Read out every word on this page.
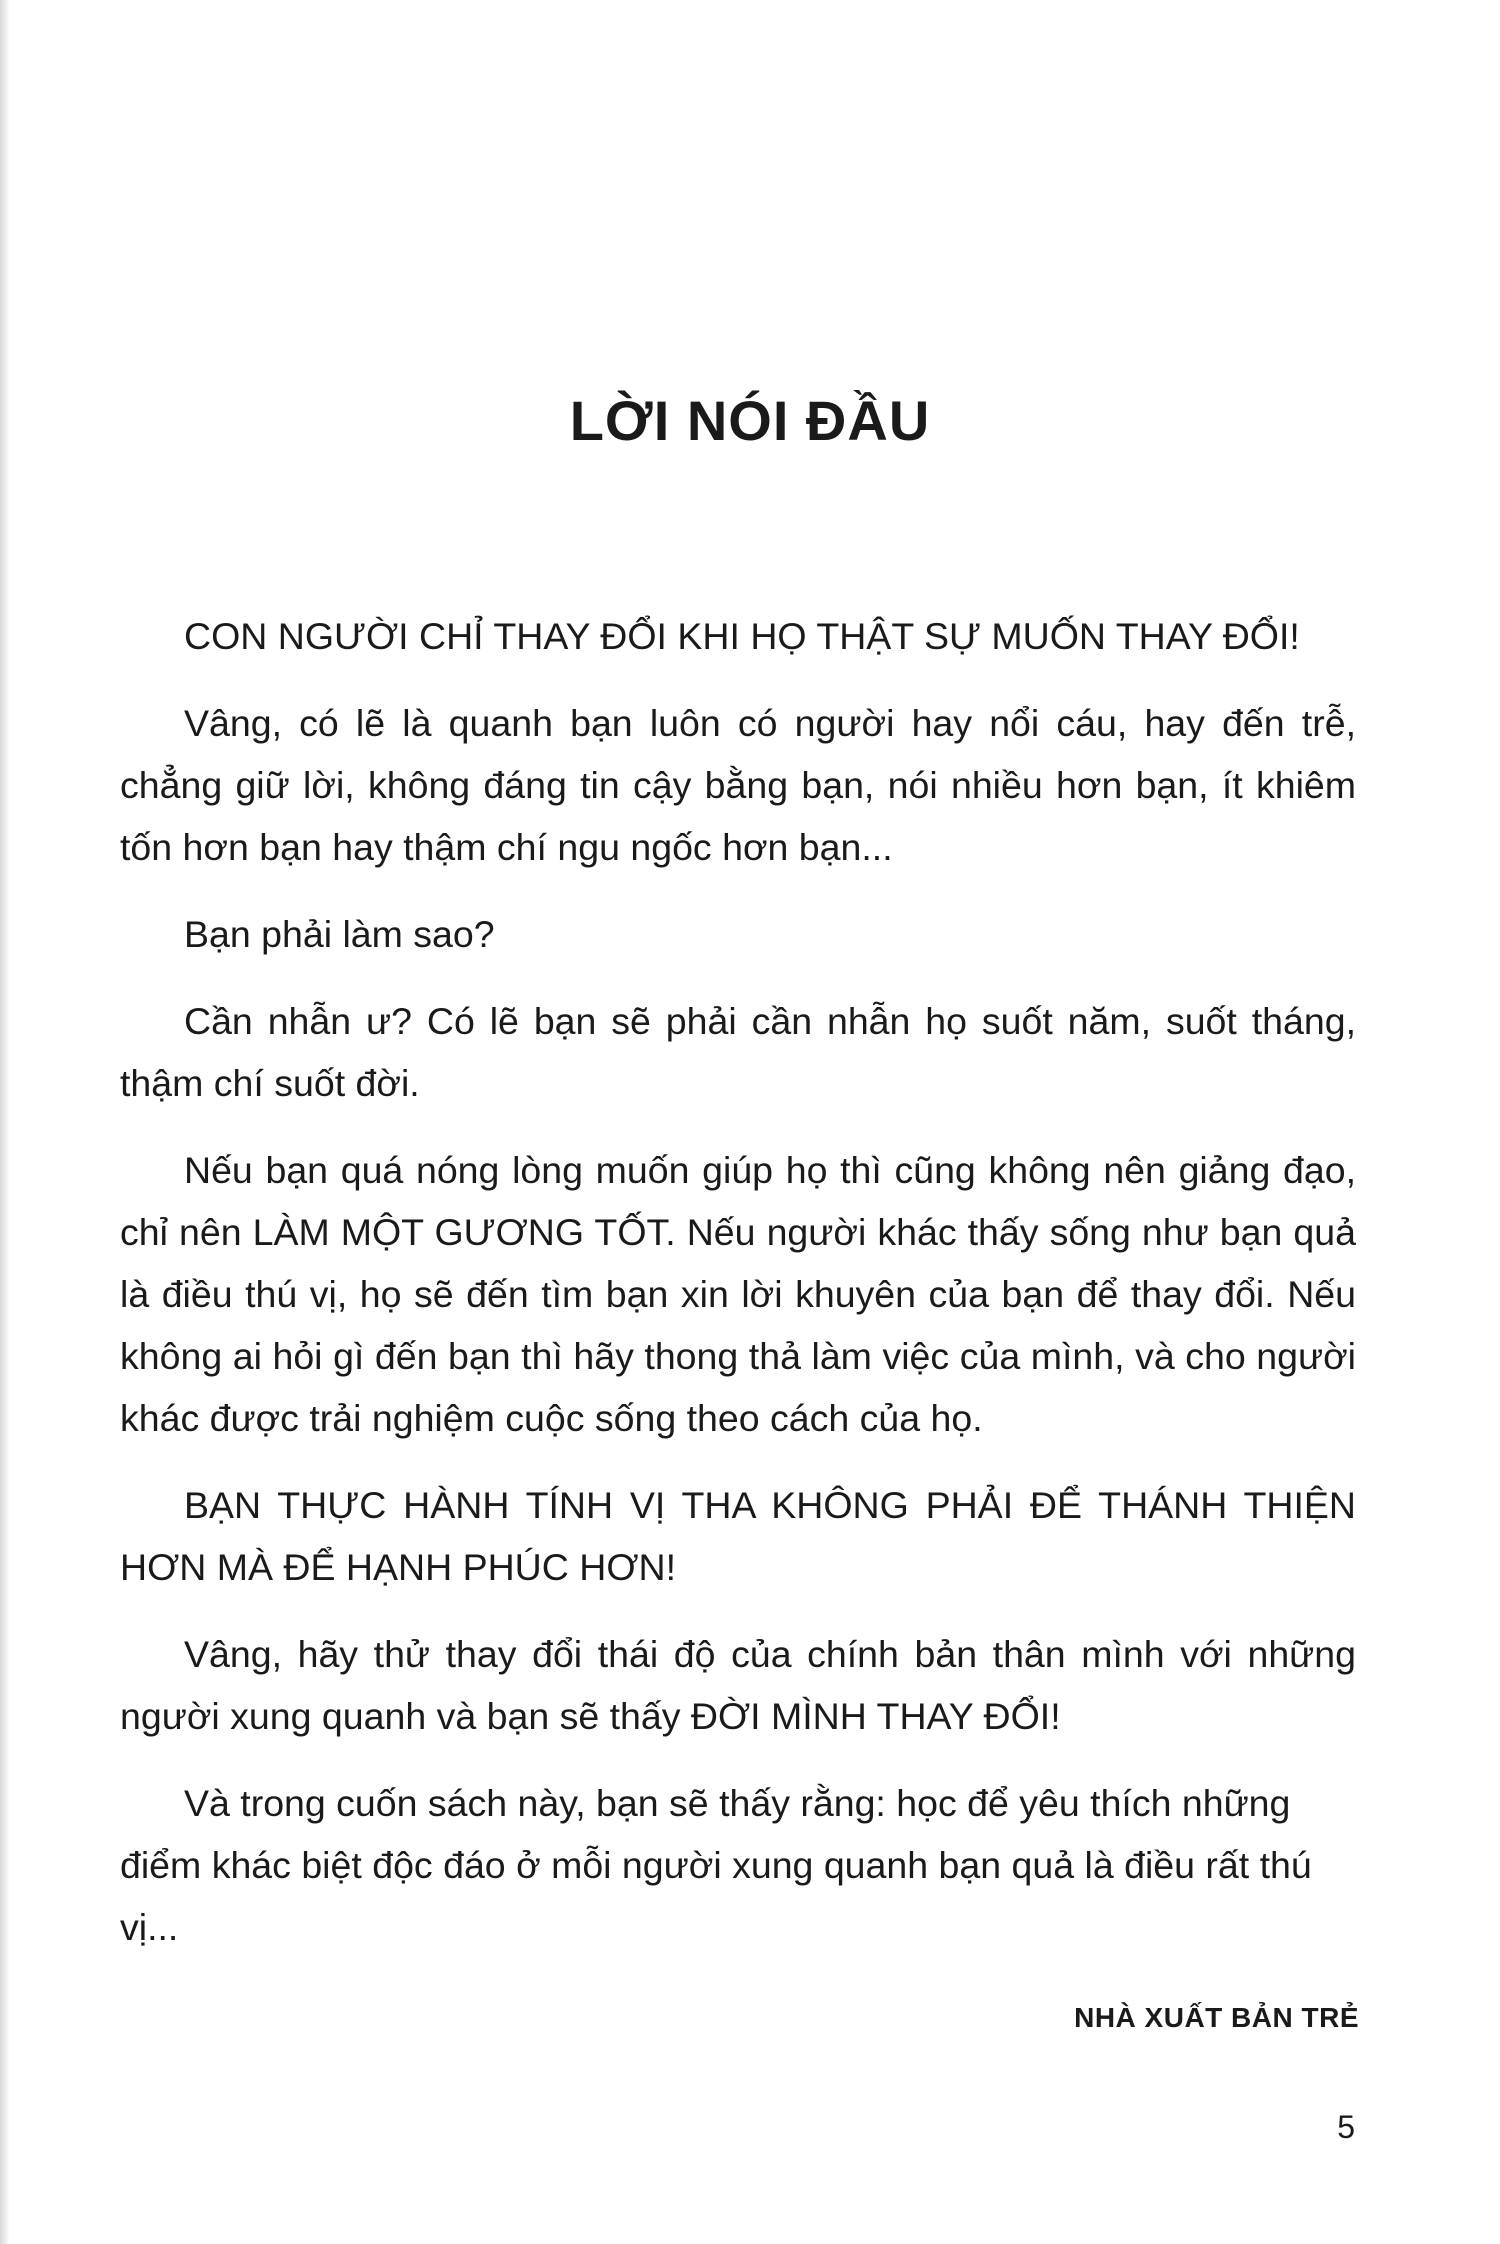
LỜI NÓI ĐẦU

CON NGƯỜI CHỈ THAY ĐỔI KHI HỌ THẬT SỰ MUỐN THAY ĐỔI!

Vâng, có lẽ là quanh bạn luôn có người hay nổi cáu, hay đến trễ, chẳng giữ lời, không đáng tin cậy bằng bạn, nói nhiều hơn bạn, ít khiêm tốn hơn bạn hay thậm chí ngu ngốc hơn bạn...

Bạn phải làm sao?

Cần nhẫn ư? Có lẽ bạn sẽ phải cần nhẫn họ suốt năm, suốt tháng, thậm chí suốt đời.

Nếu bạn quá nóng lòng muốn giúp họ thì cũng không nên giảng đạo, chỉ nên LÀM MỘT GƯƠNG TỐT. Nếu người khác thấy sống như bạn quả là điều thú vị, họ sẽ đến tìm bạn xin lời khuyên của bạn để thay đổi. Nếu không ai hỏi gì đến bạn thì hãy thong thả làm việc của mình, và cho người khác được trải nghiệm cuộc sống theo cách của họ.

BẠN THỰC HÀNH TÍNH VỊ THA KHÔNG PHẢI ĐỂ THÁNH THIỆN HƠN MÀ ĐỂ HẠNH PHÚC HƠN!

Vâng, hãy thử thay đổi thái độ của chính bản thân mình với những người xung quanh và bạn sẽ thấy ĐỜI MÌNH THAY ĐỔI!

Và trong cuốn sách này, bạn sẽ thấy rằng: học để yêu thích những điểm khác biệt độc đáo ở mỗi người xung quanh bạn quả là điều rất thú vị...

NHÀ XUẤT BẢN TRẺ

5
